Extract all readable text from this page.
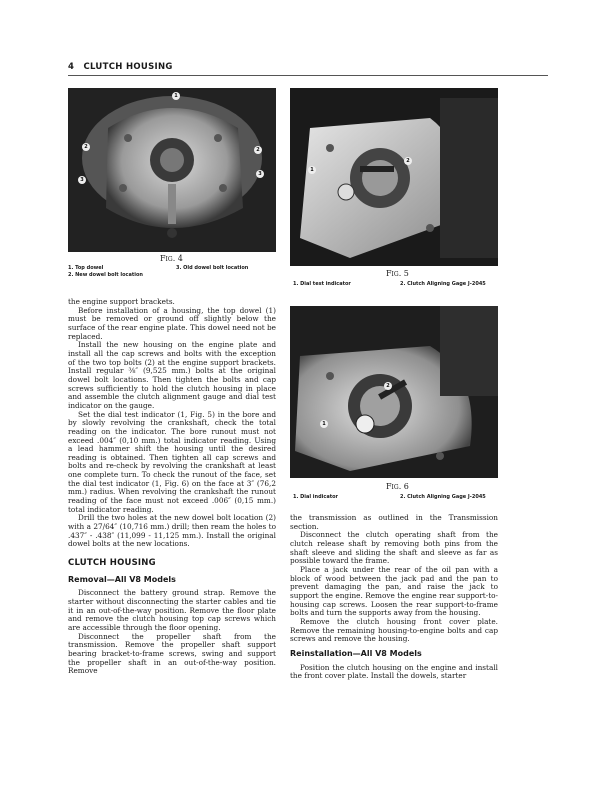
4 CLUTCH HOUSING
1
2	2
3
3
Fig. 4
1. Top dowel
2. New dowel bolt location
3. Old dowel bolt location
1
2
Fig. 5
1. Dial test indicator	2. Clutch Aligning Gage J-2045
1
2
Fig. 6
1. Dial indicator	2. Clutch Aligning Gage J-2045

the engine support brackets.

Before installation of a housing, the top dowel (1) must be removed or ground off slightly below the surface of the rear engine plate. This dowel need not be replaced.

Install the new housing on the engine plate and install all the cap screws and bolts with the exception of the two top bolts (2) at the engine support brackets. Install regular ⅜″ (9,525 mm.) bolts at the original dowel bolt locations. Then tighten the bolts and cap screws sufficiently to hold the clutch housing in place and assemble the clutch alignment gauge and dial test indicator on the gauge.

Set the dial test indicator (1, Fig. 5) in the bore and by slowly revolving the crankshaft, check the total reading on the indicator. The bore runout must not exceed .004″ (0,10 mm.) total indicator reading. Using a lead hammer shift the housing until the desired reading is obtained. Then tighten all cap screws and bolts and re-check by revolving the crankshaft at least one complete turn. To check the runout of the face, set the dial test indicator (1, Fig. 6) on the face at 3″ (76,2 mm.) radius. When revolving the crankshaft the runout reading of the face must not exceed .006″ (0,15 mm.) total indicator reading.

Drill the two holes at the new dowel bolt location (2) with a 27/64″ (10,716 mm.) drill; then ream the holes to .437″ - .438″ (11,099 - 11,125 mm.). Install the original dowel bolts at the new locations.

CLUTCH HOUSING
Removal—All V8 Models

Disconnect the battery ground strap. Remove the starter without disconnecting the starter cables and tie it in an out-of-the-way position. Remove the floor plate and remove the clutch housing top cap screws which are accessible through the floor opening.

Disconnect the propeller shaft from the transmission. Remove the propeller shaft support bearing bracket-to-frame screws, swing and support the propeller shaft in an out-of-the-way position. Remove

the transmission as outlined in the Transmission section.

Disconnect the clutch operating shaft from the clutch release shaft by removing both pins from the shaft sleeve and sliding the shaft and sleeve as far as possible toward the frame.

Place a jack under the rear of the oil pan with a block of wood between the jack pad and the pan to prevent damaging the pan, and raise the jack to support the engine. Remove the engine rear support-to-housing cap screws. Loosen the rear support-to-frame bolts and turn the supports away from the housing.

Remove the clutch housing front cover plate. Remove the remaining housing-to-engine bolts and cap screws and remove the housing.

Reinstallation—All V8 Models

Position the clutch housing on the engine and install the front cover plate. Install the dowels, starter
